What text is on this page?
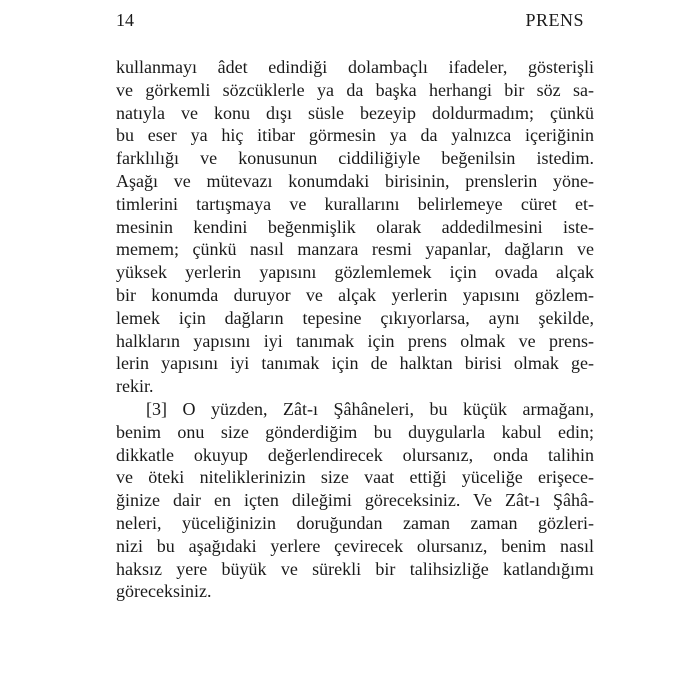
14	PRENS
kullanmayı âdet edindiği dolambaçlı ifadeler, gösterişli
ve görkemli sözcüklerle ya da başka herhangi bir söz sa-
natıyla ve konu dışı süsle bezeyip doldurmadım; çünkü
bu eser ya hiç itibar görmesin ya da yalnızca içeriğinin
farklılığı ve konusunun ciddiliğiyle beğenilsin istedim.
Aşağı ve mütevazı konumdaki birisinin, prenslerin yöne-
timlerini tartışmaya ve kurallarını belirlemeye cüret et-
mesinin kendini beğenmişlik olarak addedilmesini iste-
memem; çünkü nasıl manzara resmi yapanlar, dağların ve
yüksek yerlerin yapısını gözlemlemek için ovada alçak
bir konumda duruyor ve alçak yerlerin yapısını gözlem-
lemek için dağların tepesine çıkıyorlarsa, aynı şekilde,
halkların yapısını iyi tanımak için prens olmak ve prens-
lerin yapısını iyi tanımak için de halktan birisi olmak ge-
rekir.
[3] O yüzden, Zât-ı Şâhâneleri, bu küçük armağanı,
benim onu size gönderdiğim bu duygularla kabul edin;
dikkatle okuyup değerlendirecek olursanız, onda talihin
ve öteki niteliklerinizin size vaat ettiği yüceliğe erişece-
ğinize dair en içten dileğimi göreceksiniz. Ve Zât-ı Şâhâ-
neleri, yüceliğinizin doruğundan zaman zaman gözleri-
nizi bu aşağıdaki yerlere çevirecek olursanız, benim nasıl
haksız yere büyük ve sürekli bir talihsizliğe katlandığımı
göreceksiniz.
